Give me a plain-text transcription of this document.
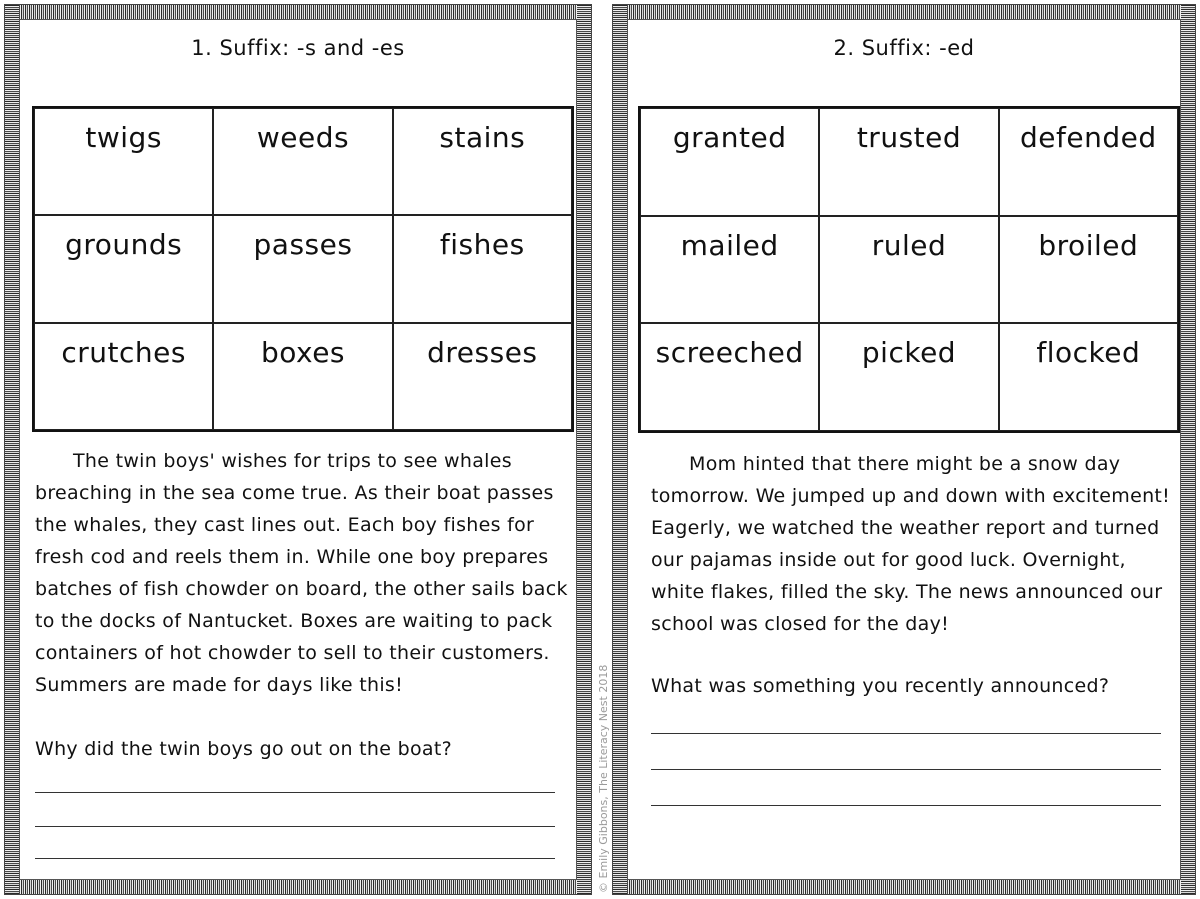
1. Suffix: -s and -es
twigs	weeds	stains
grounds	passes	fishes
crutches	boxes	dresses

The twin boys' wishes for trips to see whales breaching in the sea come true. As their boat passes the whales, they cast lines out. Each boy fishes for fresh cod and reels them in. While one boy prepares batches of fish chowder on board, the other sails back to the docks of Nantucket. Boxes are waiting to pack containers of hot chowder to sell to their customers. Summers are made for days like this!

Why did the twin boys go out on the boat?	© Emily Gibbons, The Literacy Nest 2018
2. Suffix: -ed
granted	trusted	defended
mailed	ruled	broiled
screeched	picked	flocked

Mom hinted that there might be a snow day tomorrow. We jumped up and down with excitement! Eagerly, we watched the weather report and turned our pajamas inside out for good luck. Overnight, white flakes, filled the sky. The news announced our school was closed for the day!

What was something you recently announced?
